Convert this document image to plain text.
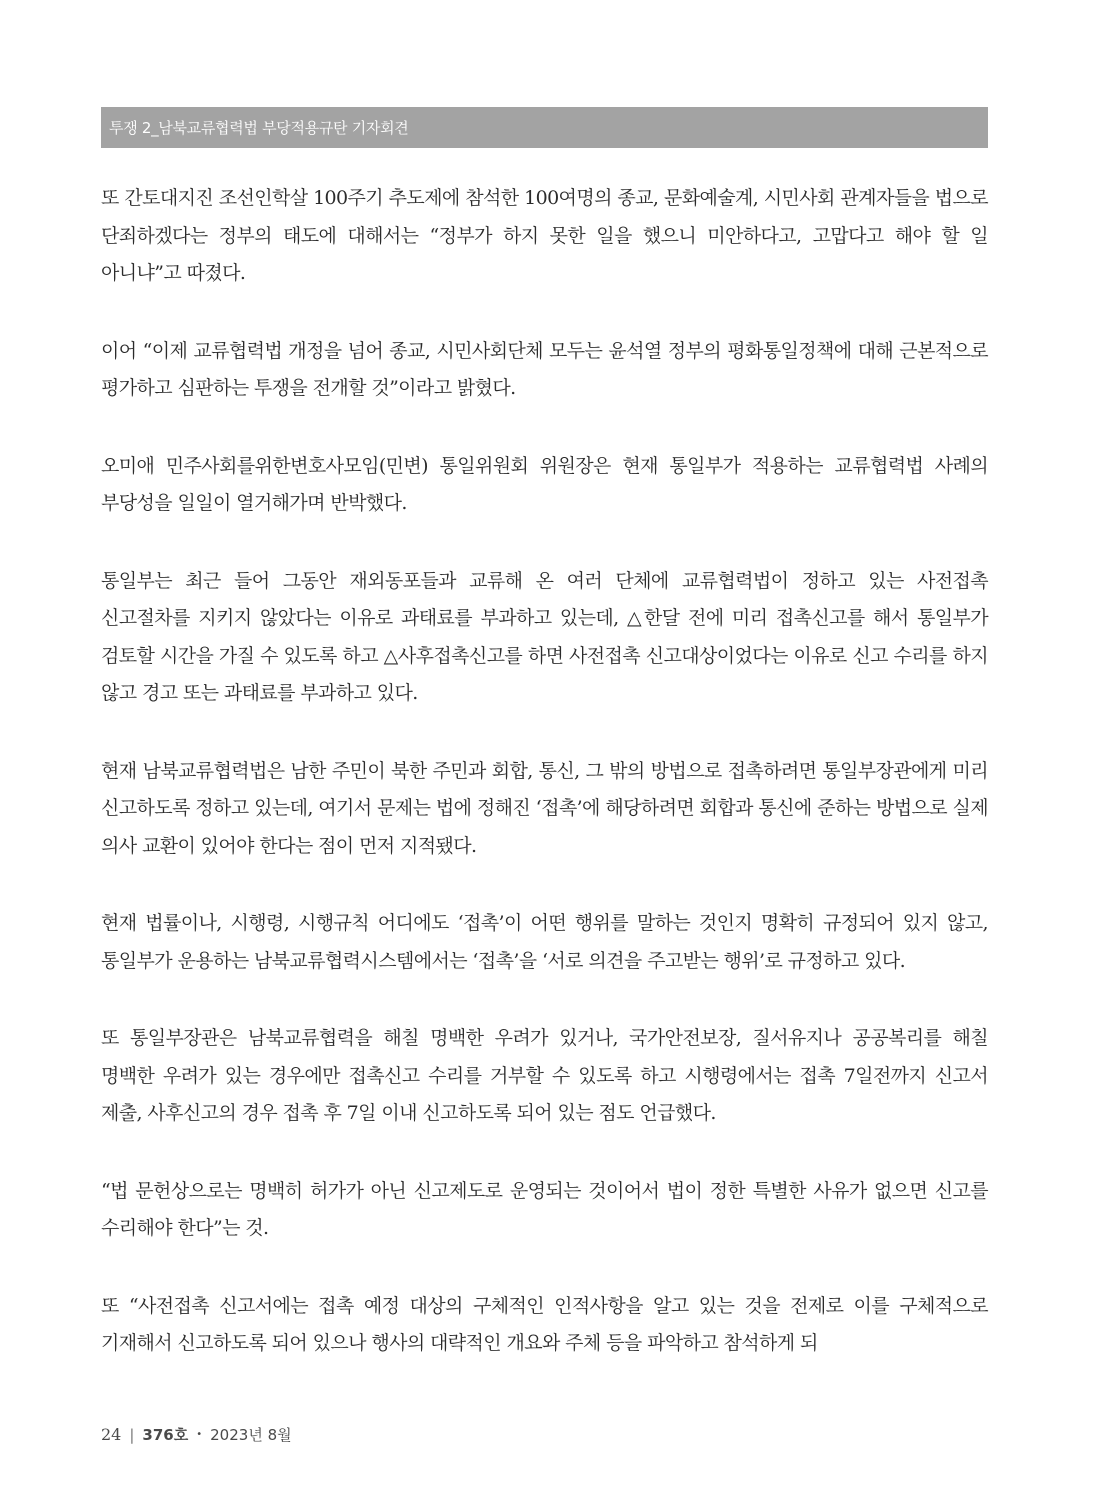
투쟁 2_남북교류협력법 부당적용규탄 기자회견

또 간토대지진 조선인학살 100주기 추도제에 참석한 100여명의 종교, 문화예술계, 시민사회 관계자들을 법으로 단죄하겠다는 정부의 태도에 대해서는 “정부가 하지 못한 일을 했으니 미안하다고, 고맙다고 해야 할 일 아니냐”고 따졌다.

이어 “이제 교류협력법 개정을 넘어 종교, 시민사회단체 모두는 윤석열 정부의 평화통일정책에 대해 근본적으로 평가하고 심판하는 투쟁을 전개할 것”이라고 밝혔다.

오미애 민주사회를위한변호사모임(민변) 통일위원회 위원장은 현재 통일부가 적용하는 교류협력법 사례의 부당성을 일일이 열거해가며 반박했다.

통일부는 최근 들어 그동안 재외동포들과 교류해 온 여러 단체에 교류협력법이 정하고 있는 사전접촉 신고절차를 지키지 않았다는 이유로 과태료를 부과하고 있는데, △한달 전에 미리 접촉신고를 해서 통일부가 검토할 시간을 가질 수 있도록 하고 △사후접촉신고를 하면 사전접촉 신고대상이었다는 이유로 신고 수리를 하지 않고 경고 또는 과태료를 부과하고 있다.

현재 남북교류협력법은 남한 주민이 북한 주민과 회합, 통신, 그 밖의 방법으로 접촉하려면 통일부장관에게 미리 신고하도록 정하고 있는데, 여기서 문제는 법에 정해진 ‘접촉’에 해당하려면 회합과 통신에 준하는 방법으로 실제 의사 교환이 있어야 한다는 점이 먼저 지적됐다.

현재 법률이나, 시행령, 시행규칙 어디에도 ‘접촉’이 어떤 행위를 말하는 것인지 명확히 규정되어 있지 않고, 통일부가 운용하는 남북교류협력시스템에서는 ‘접촉’을 ‘서로 의견을 주고받는 행위’로 규정하고 있다.

또 통일부장관은 남북교류협력을 해칠 명백한 우려가 있거나, 국가안전보장, 질서유지나 공공복리를 해칠 명백한 우려가 있는 경우에만 접촉신고 수리를 거부할 수 있도록 하고 시행령에서는 접촉 7일전까지 신고서 제출, 사후신고의 경우 접촉 후 7일 이내 신고하도록 되어 있는 점도 언급했다.

“법 문헌상으로는 명백히 허가가 아닌 신고제도로 운영되는 것이어서 법이 정한 특별한 사유가 없으면 신고를 수리해야 한다”는 것.

또 “사전접촉 신고서에는 접촉 예정 대상의 구체적인 인적사항을 알고 있는 것을 전제로 이를 구체적으로 기재해서 신고하도록 되어 있으나 행사의 대략적인 개요와 주체 등을 파악하고 참석하게 되

24 | 376호 • 2023년 8월
